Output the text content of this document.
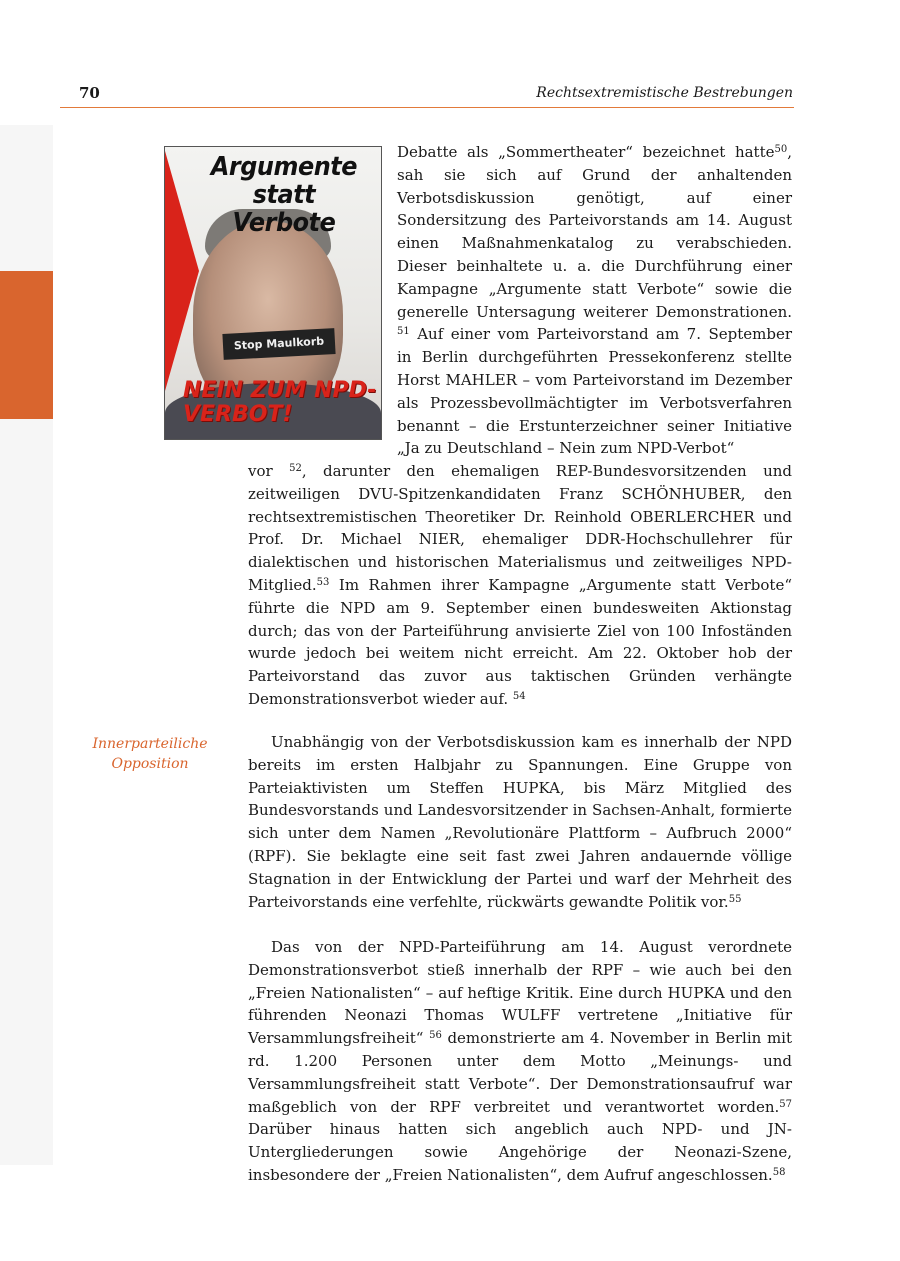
70	Rechtsextremistische Bestrebungen
Argumente statt Verbote
Stop Maulkorb
NEIN ZUM NPD-VERBOT!

Debatte als „Sommertheater“ bezeichnet hatte$^{50}$, sah sie sich auf Grund der anhaltenden Verbotsdiskussion genötigt, auf einer Sondersitzung des Parteivorstands am 14. August einen Maßnahmenkatalog zu verabschieden. Dieser beinhaltete u. a. die Durchführung einer Kampagne „Argumente statt Verbote“ sowie die generelle Untersagung weiterer Demonstrationen. $^{51}$ Auf einer vom Parteivorstand am 7. September in Berlin durchgeführten Pressekonferenz stellte Horst MAHLER – vom Parteivorstand im Dezember als Prozessbevollmächtigter im Verbotsverfahren benannt – die Erstunterzeichner seiner Initiative „Ja zu Deutschland – Nein zum NPD-Verbot“

vor $^{52}$, darunter den ehemaligen REP-Bundesvorsitzenden und zeitweiligen DVU-Spitzenkandidaten Franz SCHÖNHUBER, den rechtsextremistischen Theoretiker Dr. Reinhold OBERLERCHER und Prof. Dr. Michael NIER, ehemaliger DDR-Hochschullehrer für dialektischen und historischen Materialismus und zeitweiliges NPD-Mitglied.$^{53}$ Im Rahmen ihrer Kampagne „Argumente statt Verbote“ führte die NPD am 9. September einen bundesweiten Aktionstag durch; das von der Parteiführung anvisierte Ziel von 100 Infoständen wurde jedoch bei weitem nicht erreicht. Am 22. Oktober hob der Parteivorstand das zuvor aus taktischen Gründen verhängte Demonstrationsverbot wieder auf. $^{54}$

Innerparteiliche Opposition

Unabhängig von der Verbotsdiskussion kam es innerhalb der NPD bereits im ersten Halbjahr zu Spannungen. Eine Gruppe von Parteiaktivisten um Steffen HUPKA, bis März Mitglied des Bundesvorstands und Landesvorsitzender in Sachsen-Anhalt, formierte sich unter dem Namen „Revolutionäre Plattform – Aufbruch 2000“ (RPF). Sie beklagte eine seit fast zwei Jahren andauernde völlige Stagnation in der Entwicklung der Partei und warf der Mehrheit des Parteivorstands eine verfehlte, rückwärts gewandte Politik vor.$^{55}$

Das von der NPD-Parteiführung am 14. August verordnete Demonstrationsverbot stieß innerhalb der RPF – wie auch bei den „Freien Nationalisten“ – auf heftige Kritik. Eine durch HUPKA und den führenden Neonazi Thomas WULFF vertretene „Initiative für Versammlungsfreiheit“ $^{56}$ demonstrierte am 4. November in Berlin mit rd. 1.200 Personen unter dem Motto „Meinungs- und Versammlungsfreiheit statt Verbote“. Der Demonstrationsaufruf war maßgeblich von der RPF verbreitet und verantwortet worden.$^{57}$ Darüber hinaus hatten sich angeblich auch NPD- und JN-Untergliederungen sowie Angehörige der Neonazi-Szene, insbesondere der „Freien Nationalisten“, dem Aufruf angeschlossen.$^{58}$
